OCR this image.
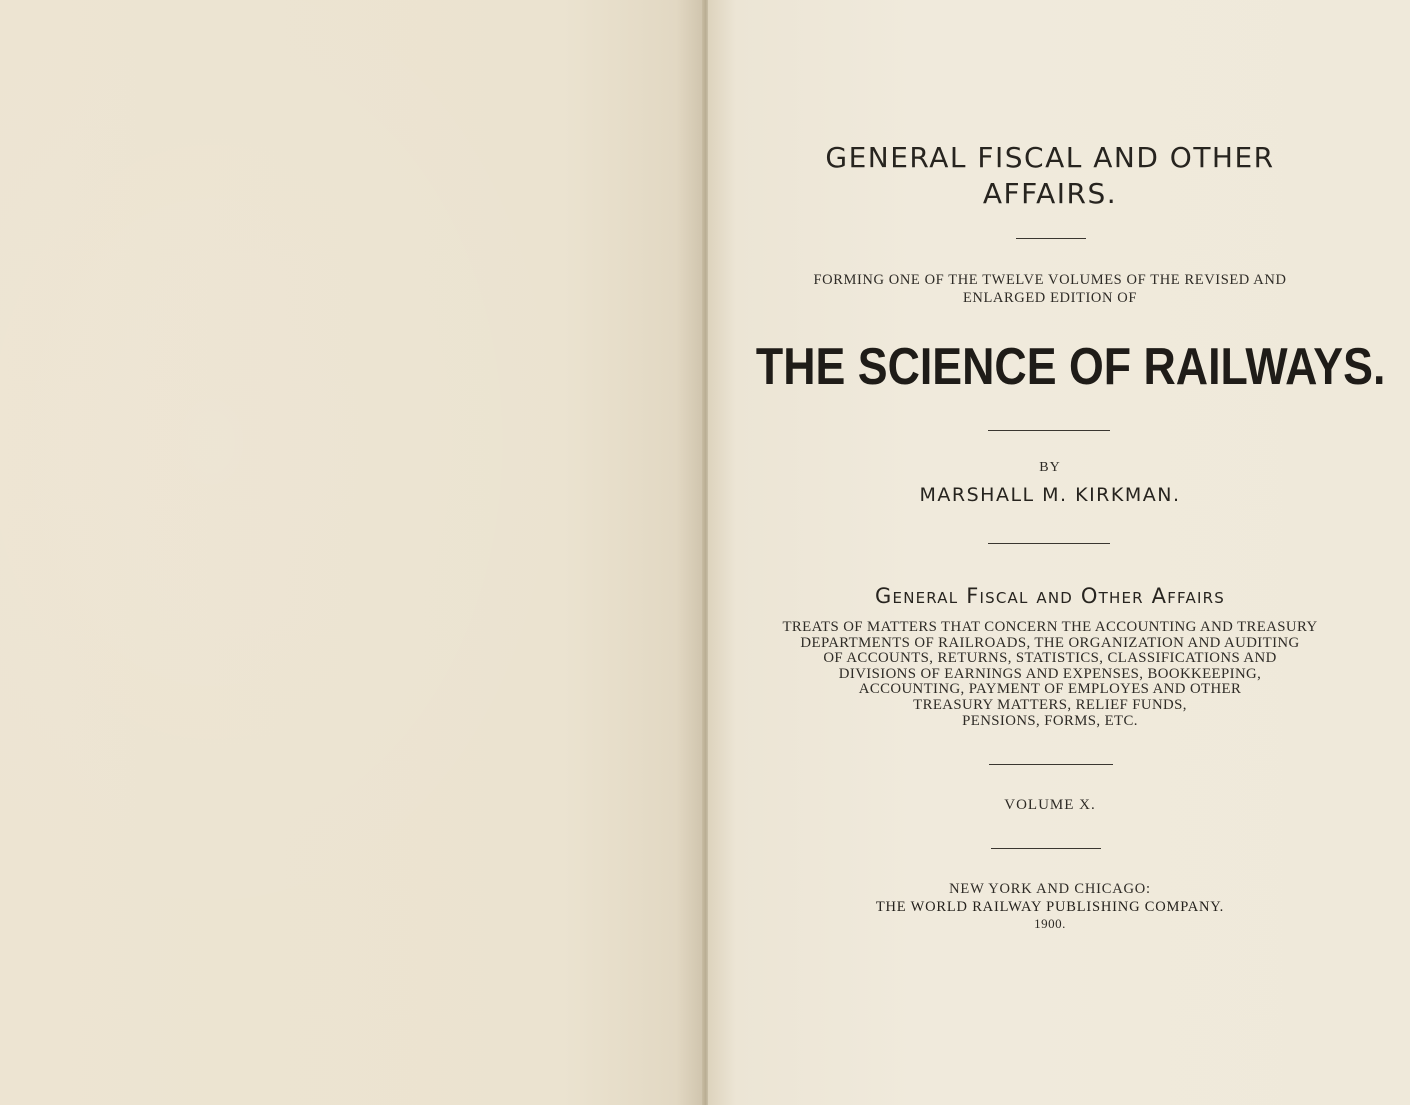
GENERAL FISCAL AND OTHER
AFFAIRS.

FORMING ONE OF THE TWELVE VOLUMES OF THE REVISED AND
ENLARGED EDITION OF

THE SCIENCE OF RAILWAYS.

BY

MARSHALL M. KIRKMAN.

General Fiscal and Other Affairs

TREATS OF MATTERS THAT CONCERN THE ACCOUNTING AND TREASURY
DEPARTMENTS OF RAILROADS, THE ORGANIZATION AND AUDITING
OF ACCOUNTS, RETURNS, STATISTICS, CLASSIFICATIONS AND
DIVISIONS OF EARNINGS AND EXPENSES, BOOKKEEPING,
ACCOUNTING, PAYMENT OF EMPLOYES AND OTHER
TREASURY MATTERS, RELIEF FUNDS,
PENSIONS, FORMS, ETC.

VOLUME X.

NEW YORK AND CHICAGO:

THE WORLD RAILWAY PUBLISHING COMPANY.

1900.
